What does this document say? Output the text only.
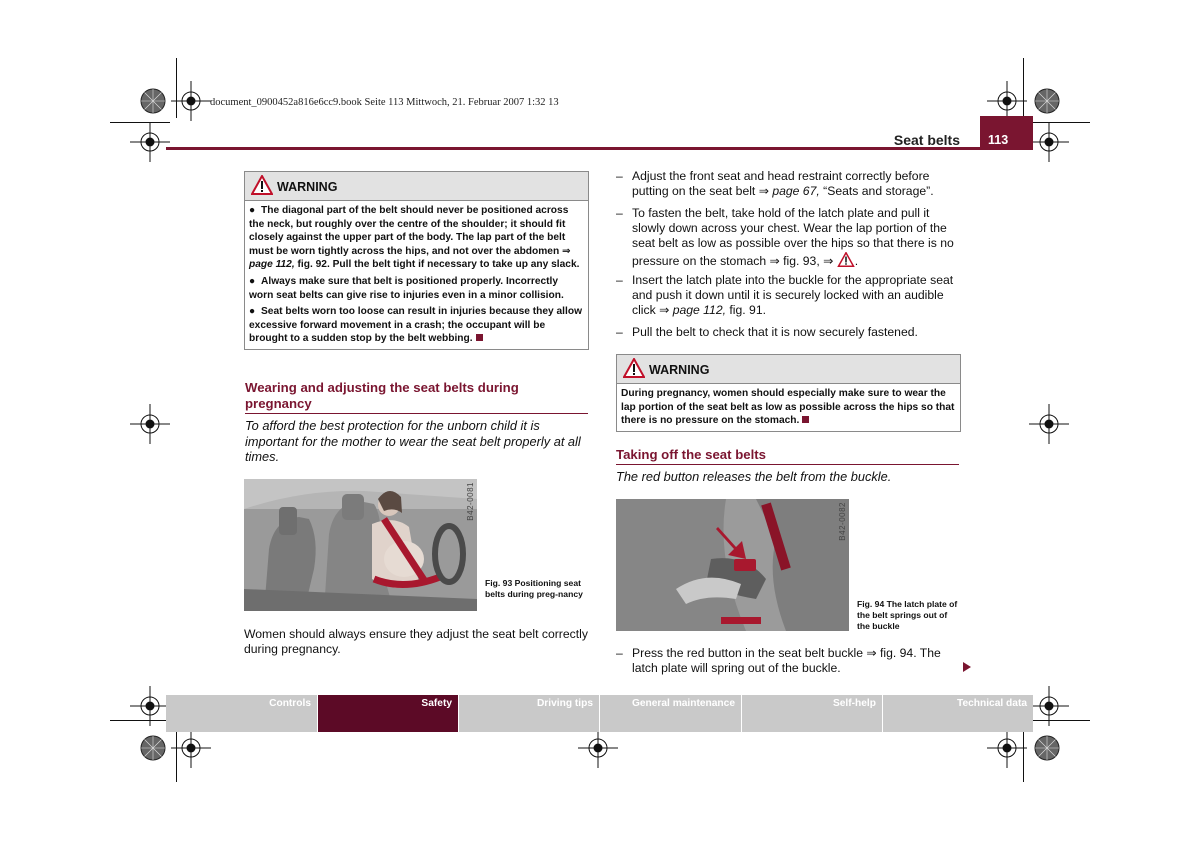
document_0900452a816e6cc9.book Seite 113 Mittwoch, 21. Februar 2007 1:32 13
Seat belts 113
WARNING

● The diagonal part of the belt should never be positioned across the neck, but roughly over the centre of the shoulder; it should fit closely against the upper part of the body. The lap part of the belt must be worn tightly across the hips, and not over the abdomen ⇒ page 112, fig. 92. Pull the belt tight if necessary to take up any slack.

● Always make sure that belt is positioned properly. Incorrectly worn seat belts can give rise to injuries even in a minor collision.

● Seat belts worn too loose can result in injuries because they allow excessive forward movement in a crash; the occupant will be brought to a sudden stop by the belt webbing.

Wearing and adjusting the seat belts during pregnancy
To afford the best protection for the unborn child it is important for the mother to wear the seat belt properly at all times.
B42-0081
Fig. 93 Positioning seat belts during preg-nancy
Women should always ensure they adjust the seat belt correctly during pregnancy.
– Adjust the front seat and head restraint correctly before putting on the seat belt ⇒ page 67, “Seats and storage”.
– To fasten the belt, take hold of the latch plate and pull it slowly down across your chest. Wear the lap portion of the seat belt as low as possible over the hips so that there is no pressure on the stomach ⇒ fig. 93, ⇒ .
– Insert the latch plate into the buckle for the appropriate seat and push it down until it is securely locked with an audible click ⇒ page 112, fig. 91.
– Pull the belt to check that it is now securely fastened.
WARNING

During pregnancy, women should especially make sure to wear the lap portion of the seat belt as low as possible across the hips so that there is no pressure on the stomach.

Taking off the seat belts
The red button releases the belt from the buckle.
B42-0082
Fig. 94 The latch plate of the belt springs out of the buckle
– Press the red button in the seat belt buckle ⇒ fig. 94. The latch plate will spring out of the buckle.
Controls	Safety	Driving tips	General maintenance	Self-help	Technical data
